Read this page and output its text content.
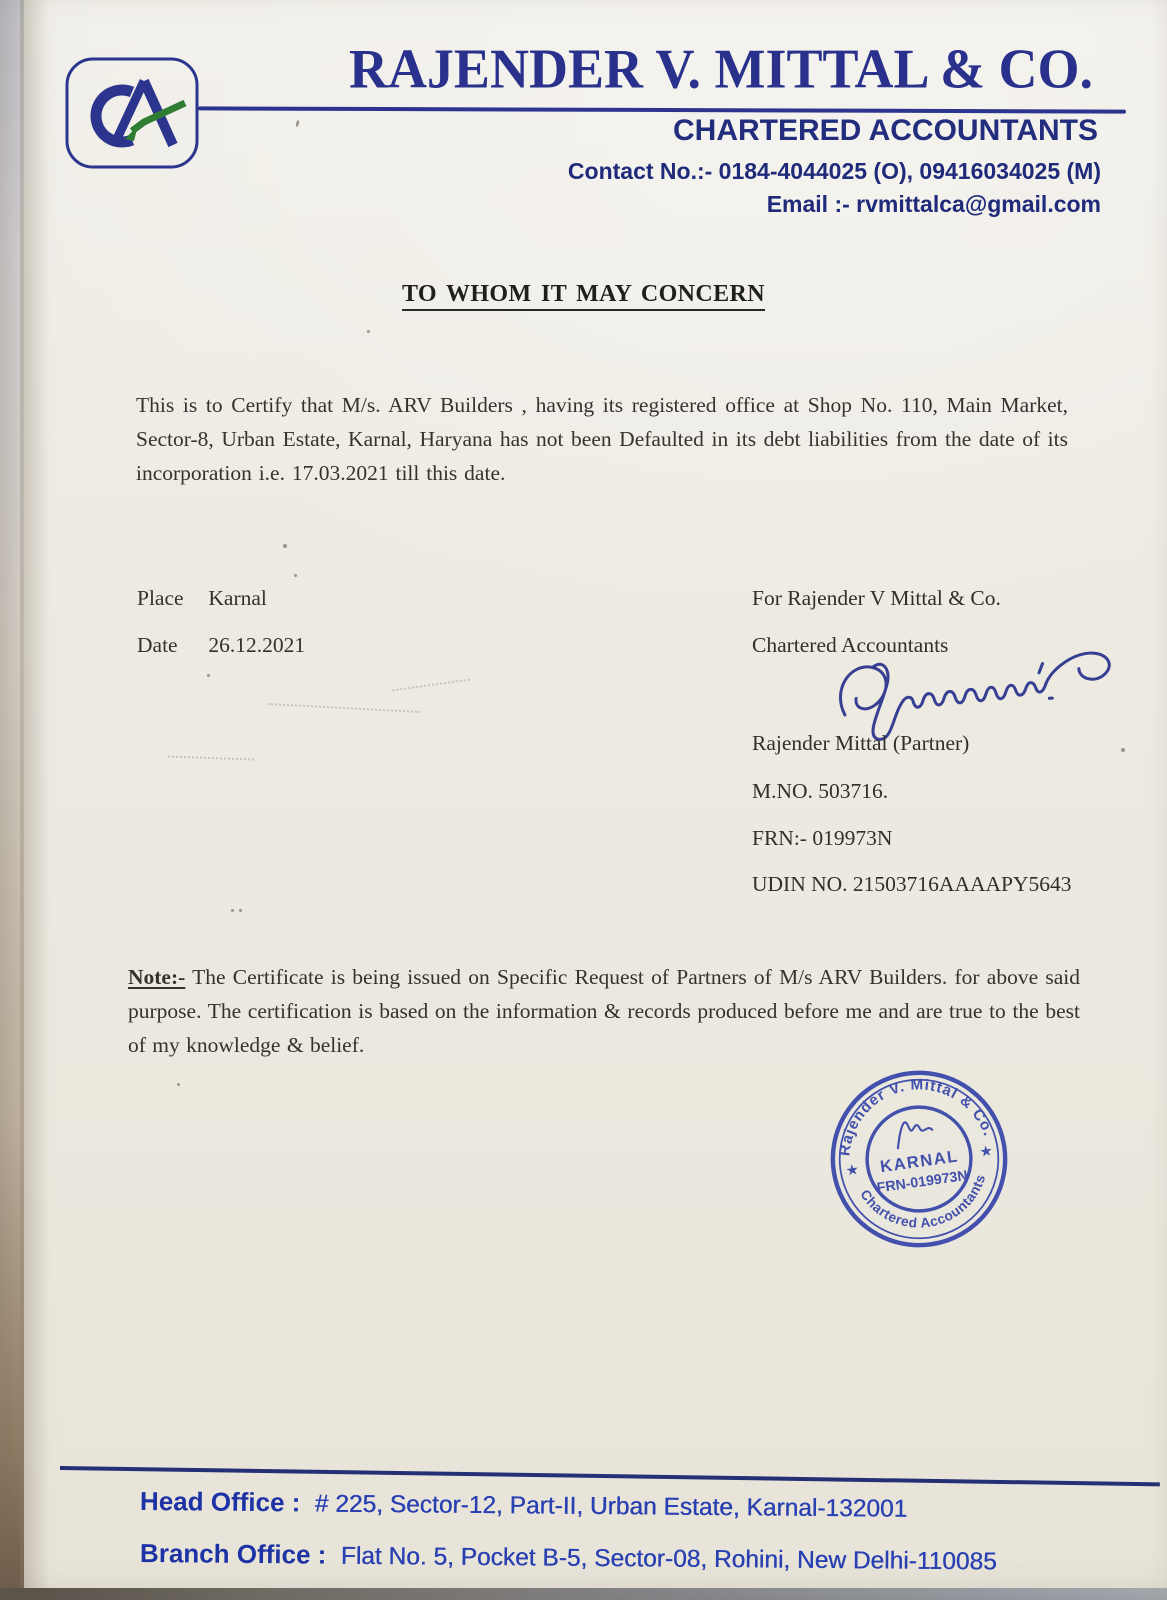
RAJENDER V. MITTAL & CO.
CHARTERED ACCOUNTANTS
Contact No.:- 0184-4044025 (O), 09416034025 (M)
Email :- rvmittalca@gmail.com
TO WHOM IT MAY CONCERN

This is to Certify that M/s. ARV Builders , having its registered office at Shop No. 110, Main Market, Sector-8, Urban Estate, Karnal, Haryana has not been Defaulted in its debt liabilities from the date of its incorporation i.e. 17.03.2021 till this date.

Place Karnal
Date 26.12.2021
For Rajender V Mittal & Co.
Chartered Accountants
Rajender Mittal (Partner)
M.NO. 503716.
FRN:- 019973N
UDIN NO. 21503716AAAAPY5643

Note:- The Certificate is being issued on Specific Request of Partners of M/s ARV Builders. for above said purpose. The certification is based on the information & records produced before me and are true to the best of my knowledge & belief.

Rajender V. Mittal & Co.
Chartered Accountants
★
★
KARNAL
FRN-019973N
Head Office : # 225, Sector-12, Part-II, Urban Estate, Karnal-132001
Branch Office : Flat No. 5, Pocket B-5, Sector-08, Rohini, New Delhi-110085
